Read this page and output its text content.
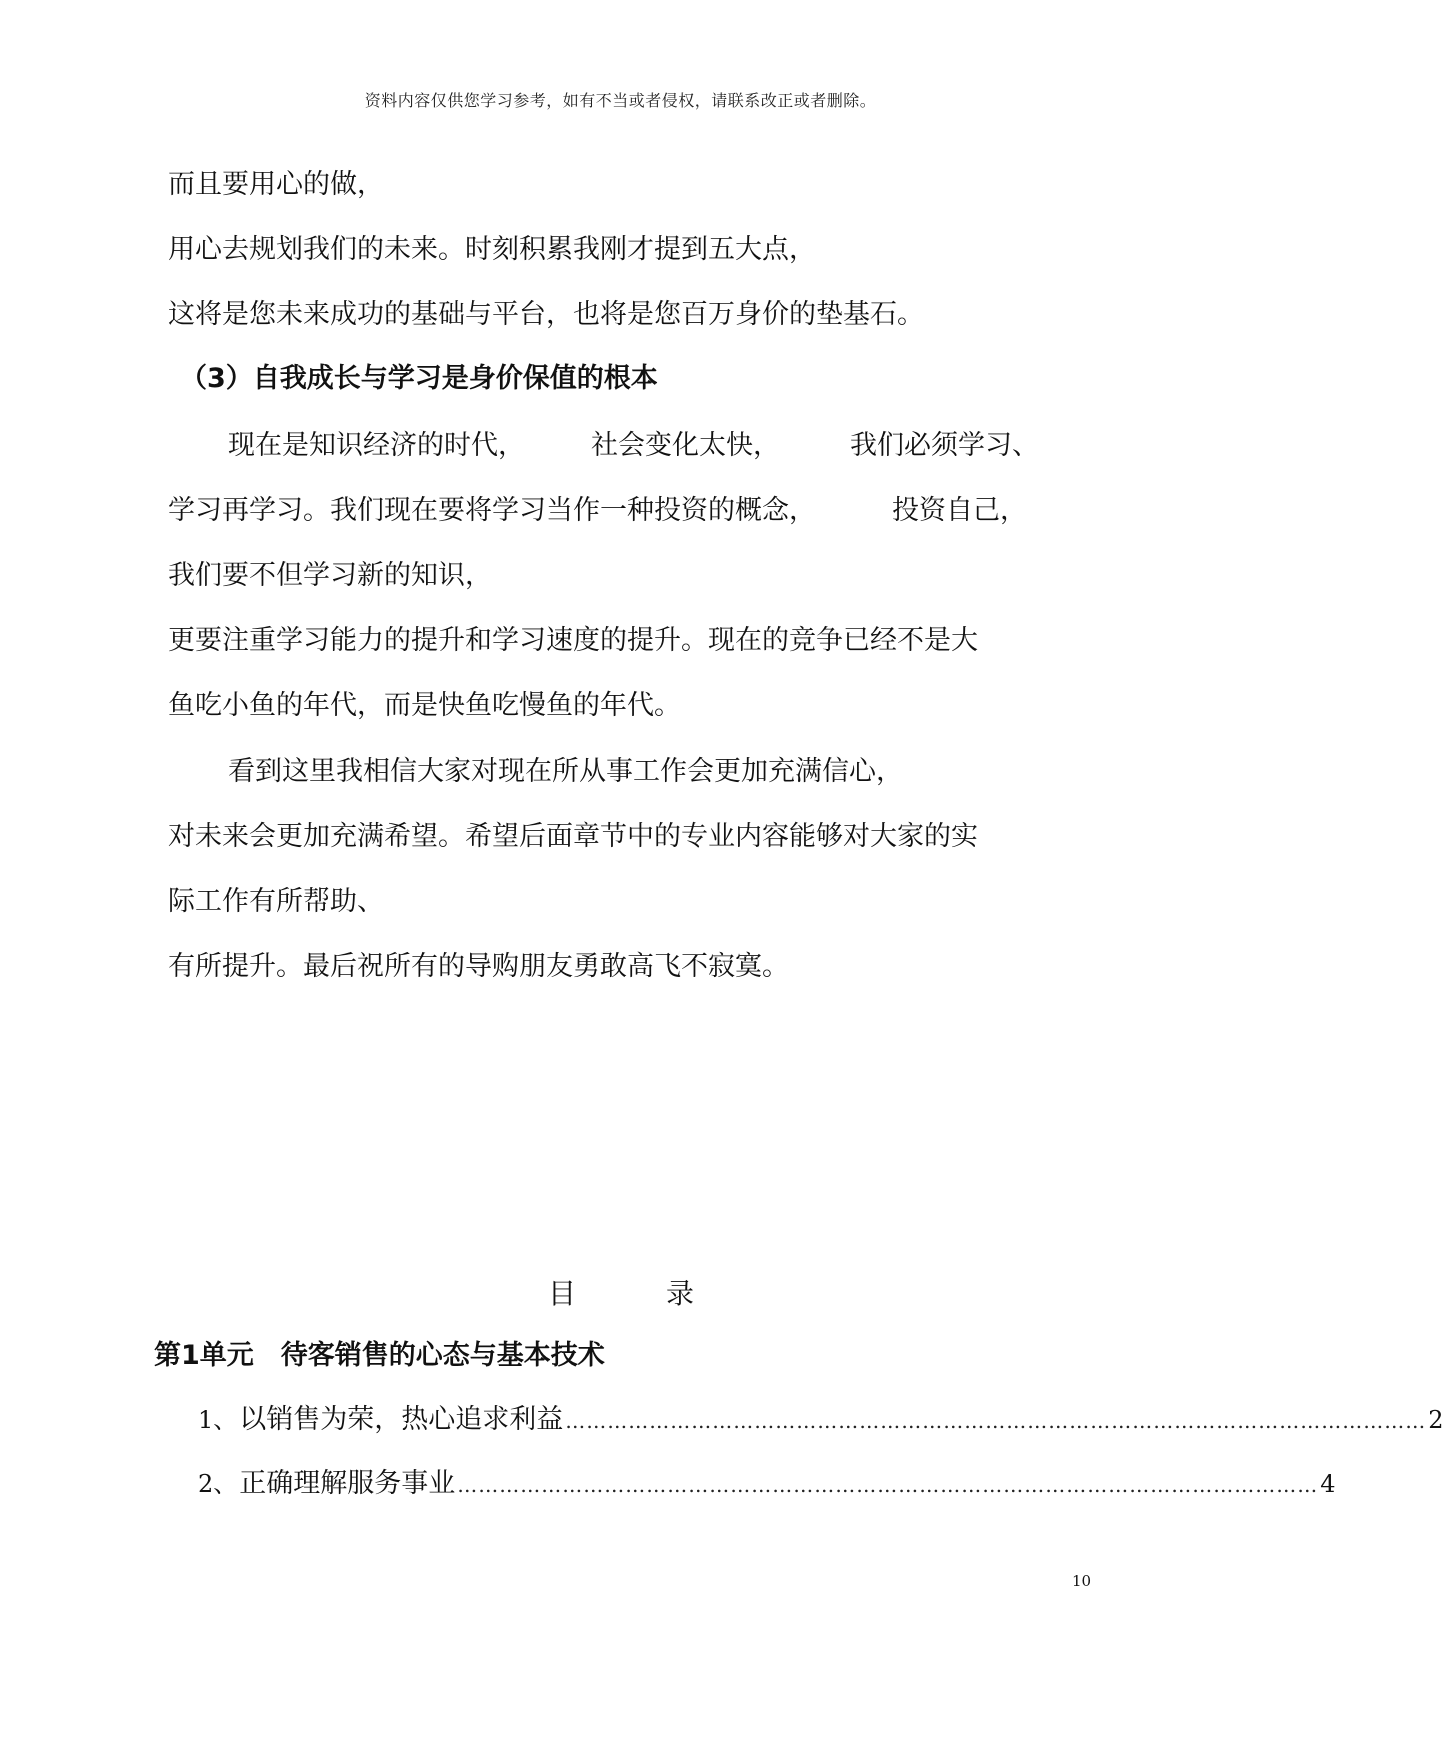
资料内容仅供您学习参考，如有不当或者侵权，请联系改正或者删除。
而且要用心的做，
用心去规划我们的未来。时刻积累我刚才提到五大点，
这将是您未来成功的基础与平台，也将是您百万身价的垫基石。
（3）自我成长与学习是身价保值的根本
现在是知识经济的时代， 社会变化太快，	我们必须学习、
学习再学习。我们现在要将学习当作一种投资的概念，	投资自己，
我们要不但学习新的知识，
更要注重学习能力的提升和学习速度的提升。现在的竞争已经不是大
鱼吃小鱼的年代，而是快鱼吃慢鱼的年代。
看到这里我相信大家对现在所从事工作会更加充满信心，
对未来会更加充满希望。希望后面章节中的专业内容能够对大家的实
际工作有所帮助、
有所提升。最后祝所有的导购朋友勇敢高飞不寂寞。
目	录
第1单元　待客销售的心态与基本技术
1、 以销售为荣，热心追求利益 …………………………………………………………………………………………………………… 2
2、 正确理解服务事业 …………………………………………………………………………………………………………… 4
10
